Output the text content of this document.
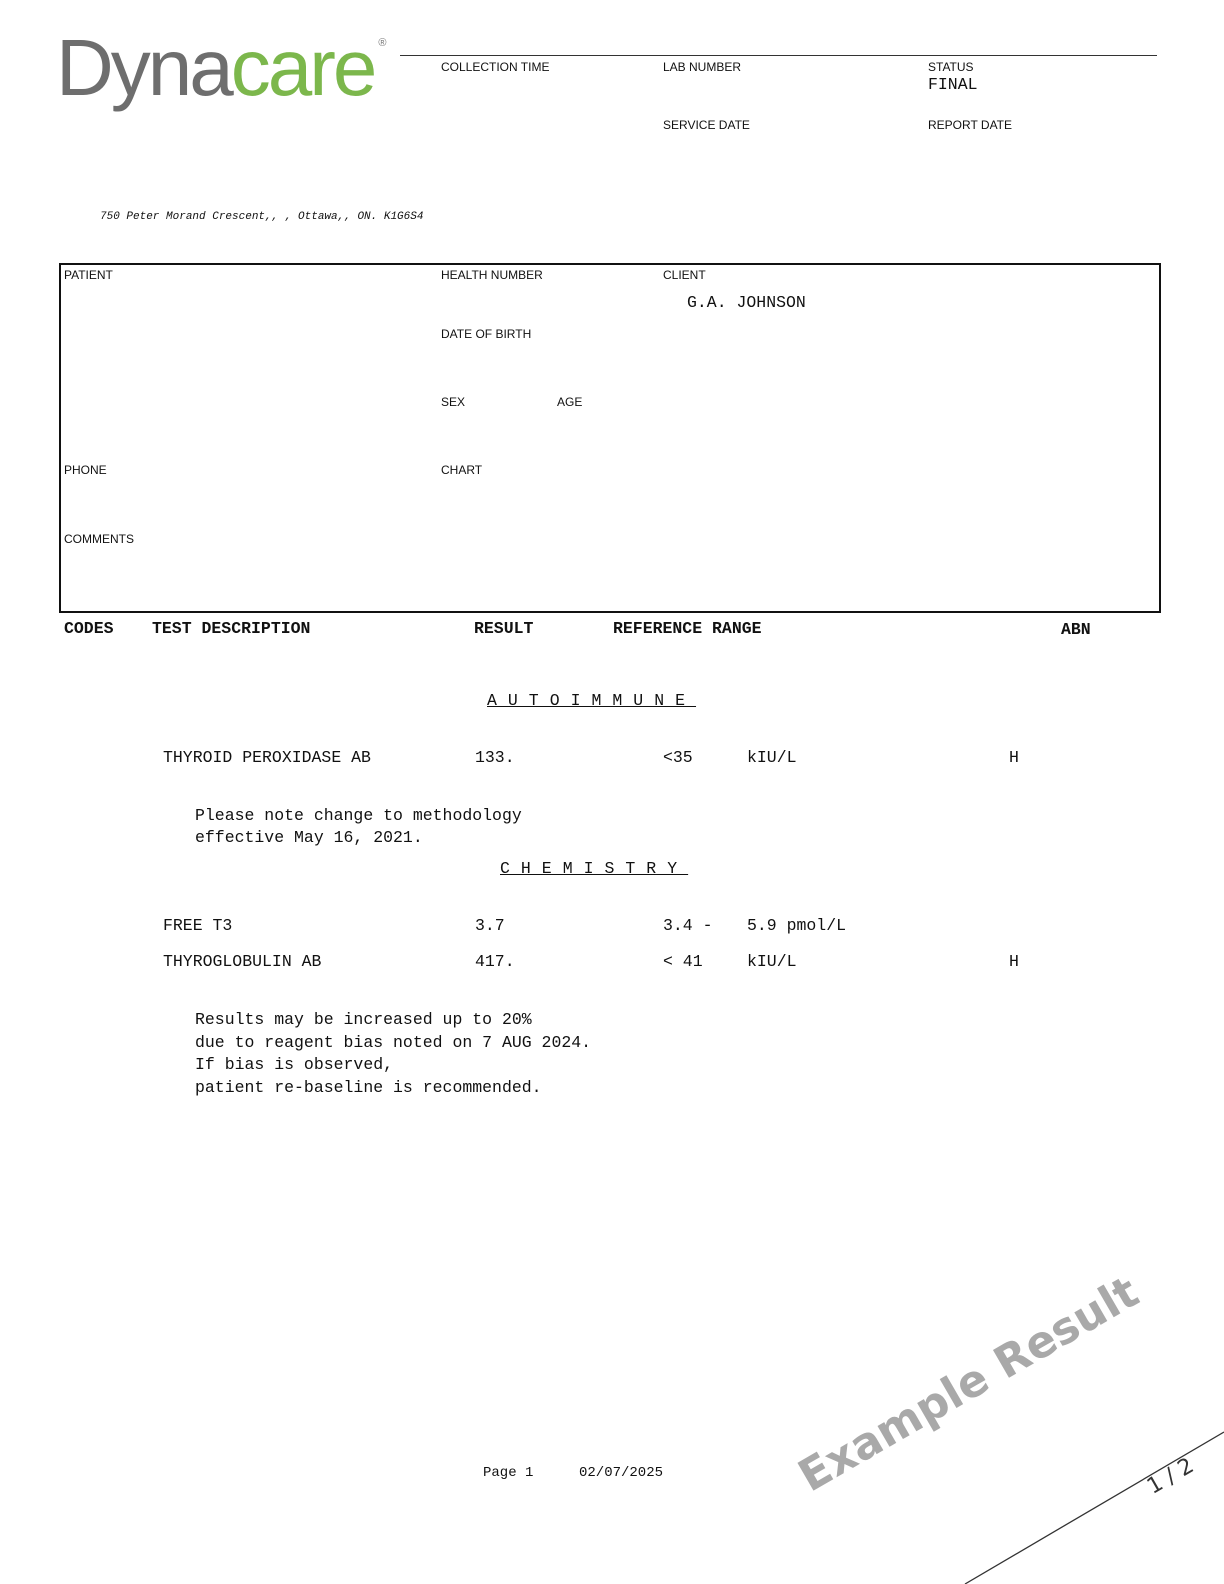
Dynacare ®
COLLECTION TIME	LAB NUMBER	STATUS
FINAL
SERVICE DATE	REPORT DATE
750 Peter Morand Crescent,, , Ottawa,, ON. K1G6S4
PATIENT	HEALTH NUMBER	CLIENT
G.A. JOHNSON
DATE OF BIRTH
SEX	AGE
PHONE	CHART
COMMENTS
CODES TEST DESCRIPTION	RESULT	REFERENCE RANGE	ABN
AUTOIMMUNE
THYROID PEROXIDASE AB	133.	<35	kIU/L	H
Please note change to methodology
effective May 16, 2021.
CHEMISTRY
FREE T3	3.7	3.4 - 5.9 pmol/L
THYROGLOBULIN AB	417.	< 41	kIU/L	H
Results may be increased up to 20%
due to reagent bias noted on 7 AUG 2024.
If bias is observed,
patient re-baseline is recommended.
Example Result
Page 1	02/07/2025	1 / 2
